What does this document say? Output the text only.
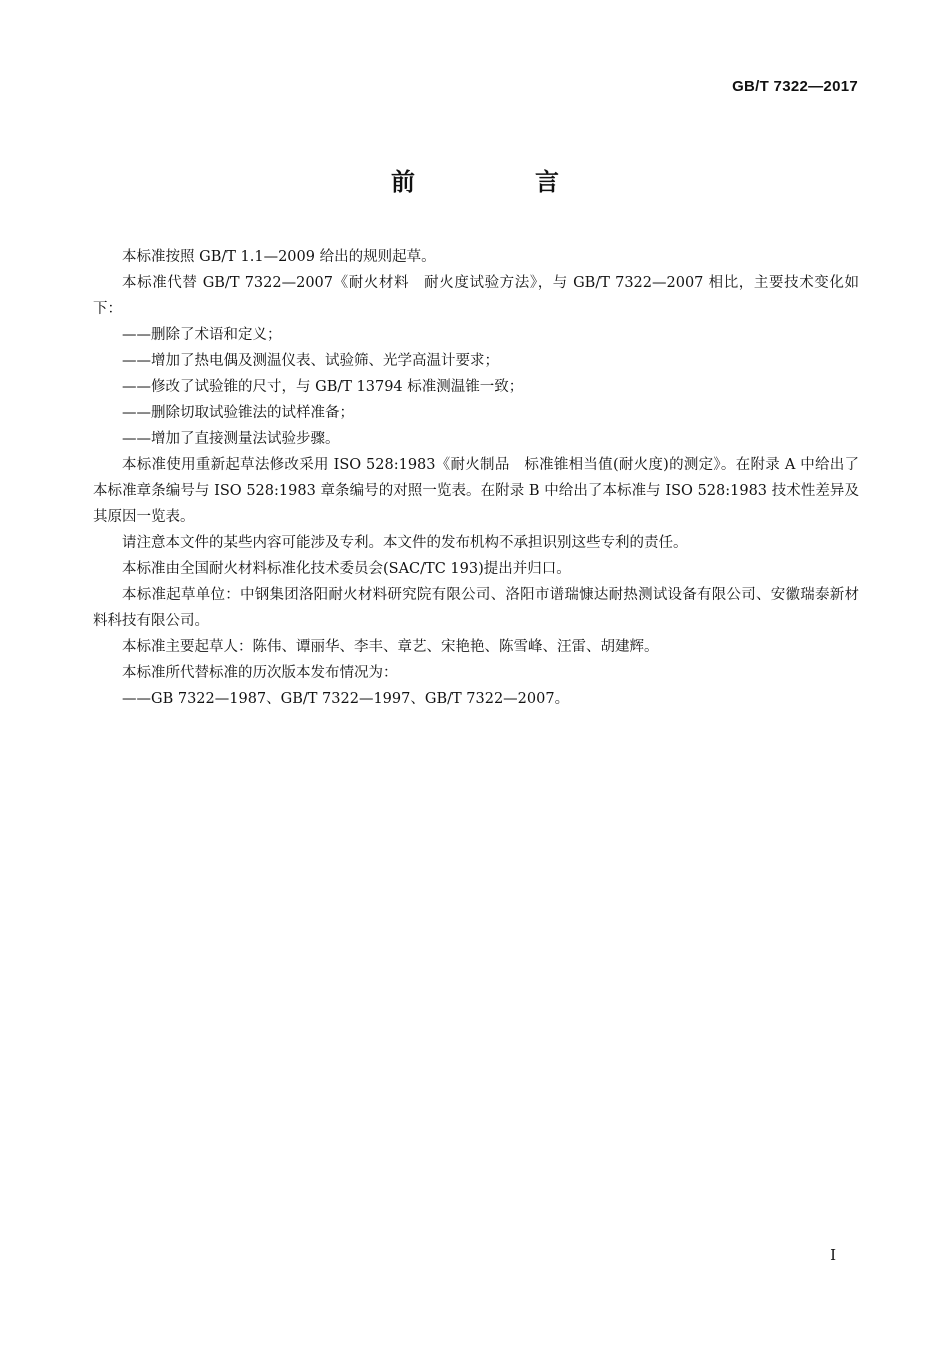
GB/T 7322—2017
前　言

本标准按照 GB/T 1.1—2009 给出的规则起草。

本标准代替 GB/T 7322—2007《耐火材料　耐火度试验方法》，与 GB/T 7322—2007 相比，主要技术变化如下：

——删除了术语和定义；

——增加了热电偶及测温仪表、试验筛、光学高温计要求；

——修改了试验锥的尺寸，与 GB/T 13794 标准测温锥一致；

——删除切取试验锥法的试样准备；

——增加了直接测量法试验步骤。

本标准使用重新起草法修改采用 ISO 528:1983《耐火制品　标准锥相当值(耐火度)的测定》。在附录 A 中给出了本标准章条编号与 ISO 528:1983 章条编号的对照一览表。在附录 B 中给出了本标准与 ISO 528:1983 技术性差异及其原因一览表。

请注意本文件的某些内容可能涉及专利。本文件的发布机构不承担识别这些专利的责任。

本标准由全国耐火材料标准化技术委员会(SAC/TC 193)提出并归口。

本标准起草单位：中钢集团洛阳耐火材料研究院有限公司、洛阳市谱瑞慷达耐热测试设备有限公司、安徽瑞泰新材料科技有限公司。

本标准主要起草人：陈伟、谭丽华、李丰、章艺、宋艳艳、陈雪峰、汪雷、胡建辉。

本标准所代替标准的历次版本发布情况为：

——GB 7322—1987、GB/T 7322—1997、GB/T 7322—2007。

I
